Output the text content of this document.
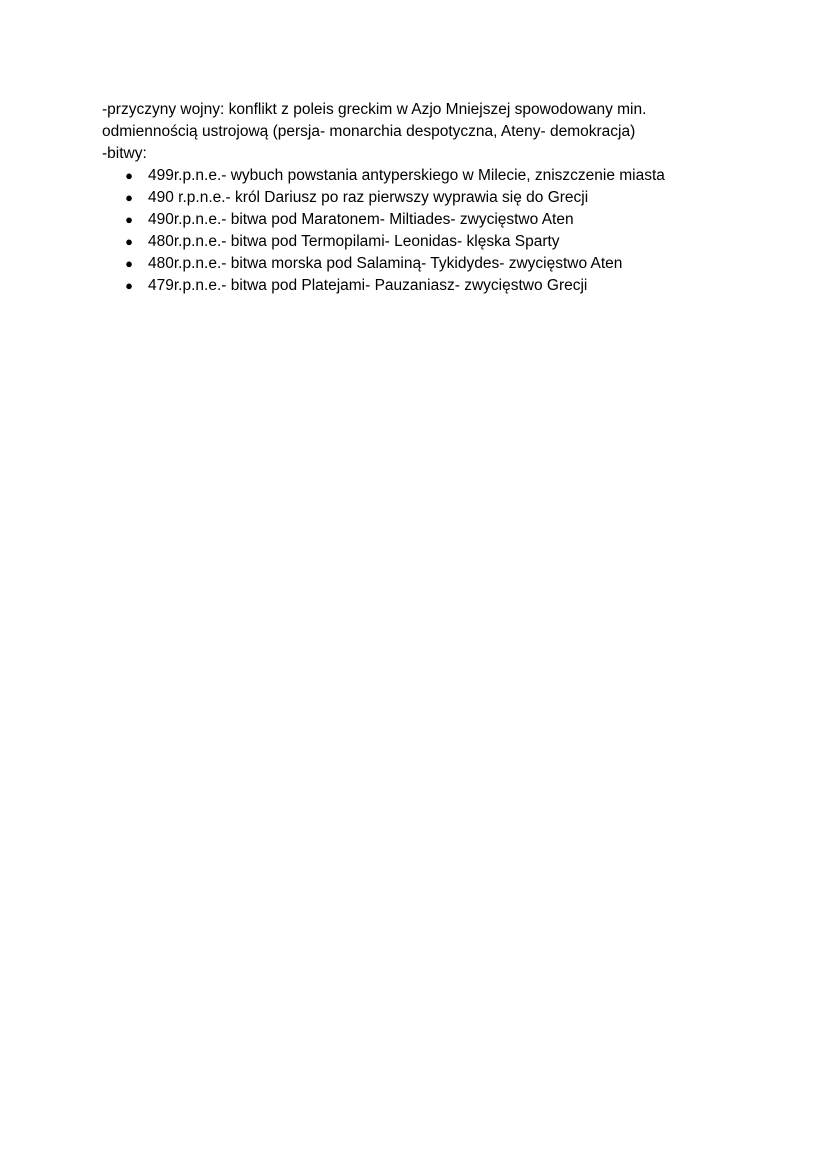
-przyczyny wojny: konflikt z poleis greckim w Azjo Mniejszej spowodowany min.

odmiennością ustrojową (persja- monarchia despotyczna, Ateny- demokracja)

-bitwy:

● 499r.p.n.e.- wybuch powstania antyperskiego w Milecie, zniszczenie miasta
● 490 r.p.n.e.- król Dariusz po raz pierwszy wyprawia się do Grecji
● 490r.p.n.e.- bitwa pod Maratonem- Miltiades- zwycięstwo Aten
● 480r.p.n.e.- bitwa pod Termopilami- Leonidas- klęska Sparty
● 480r.p.n.e.- bitwa morska pod Salaminą- Tykidydes- zwycięstwo Aten
● 479r.p.n.e.- bitwa pod Platejami- Pauzaniasz- zwycięstwo Grecji
